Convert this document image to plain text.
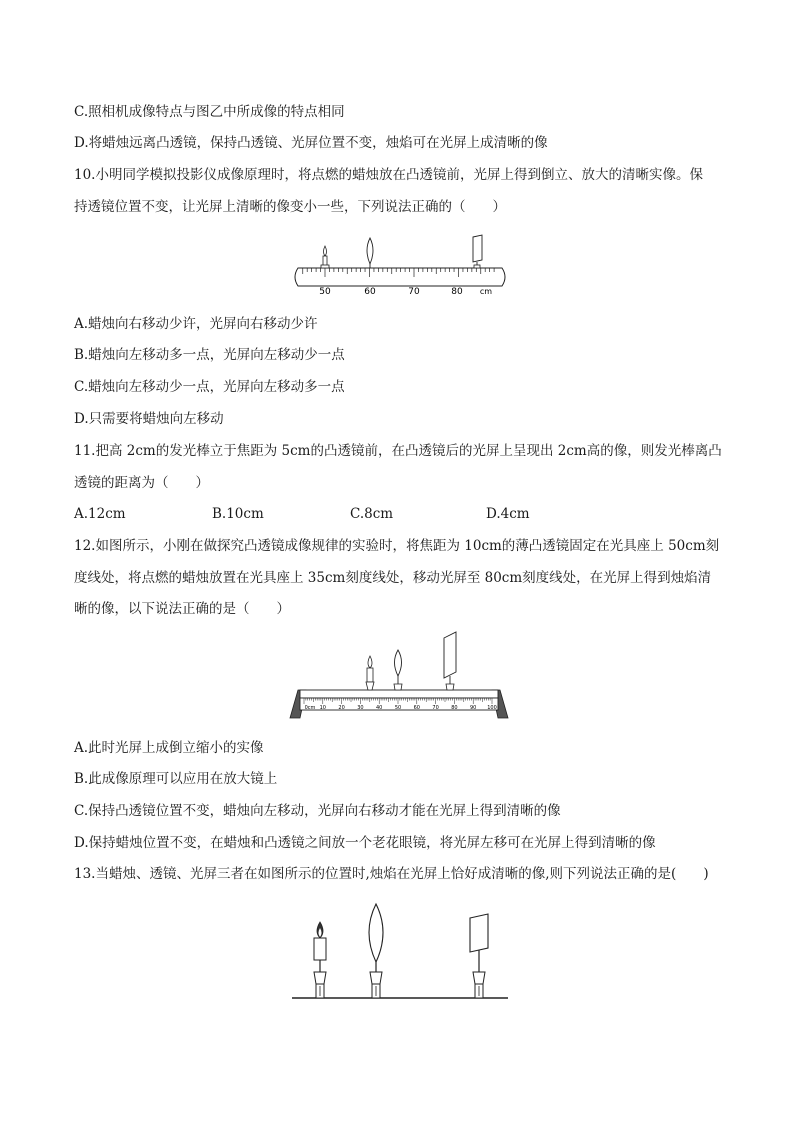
C.照相机成像特点与图乙中所成像的特点相同
D.将蜡烛远离凸透镜，保持凸透镜、光屏位置不变，烛焰可在光屏上成清晰的像
10.小明同学模拟投影仪成像原理时，将点燃的蜡烛放在凸透镜前，光屏上得到倒立、放大的清晰实像。保
持透镜位置不变，让光屏上清晰的像变小一些，下列说法正确的（　　）
50	60	70	80 cm
A.蜡烛向右移动少许，光屏向右移动少许
B.蜡烛向左移动多一点，光屏向左移动少一点
C.蜡烛向左移动少一点，光屏向左移动多一点
D.只需要将蜡烛向左移动
11.把高 2cm的发光棒立于焦距为 5cm的凸透镜前，在凸透镜后的光屏上呈现出 2cm高的像，则发光棒离凸
透镜的距离为（　　）
A.12cm	B.10cm	C.8cm	D.4cm
12.如图所示，小刚在做探究凸透镜成像规律的实验时，将焦距为 10cm的薄凸透镜固定在光具座上 50cm刻
度线处，将点燃的蜡烛放置在光具座上 35cm刻度线处，移动光屏至 80cm刻度线处，在光屏上得到烛焰清
晰的像，以下说法正确的是（　　）
0cm 10 20 30 40 50 60 70 80 90 100
A.此时光屏上成倒立缩小的实像
B.此成像原理可以应用在放大镜上
C.保持凸透镜位置不变，蜡烛向左移动，光屏向右移动才能在光屏上得到清晰的像
D.保持蜡烛位置不变，在蜡烛和凸透镜之间放一个老花眼镜，将光屏左移可在光屏上得到清晰的像
13.当蜡烛、透镜、光屏三者在如图所示的位置时,烛焰在光屏上恰好成清晰的像,则下列说法正确的是(　　)
